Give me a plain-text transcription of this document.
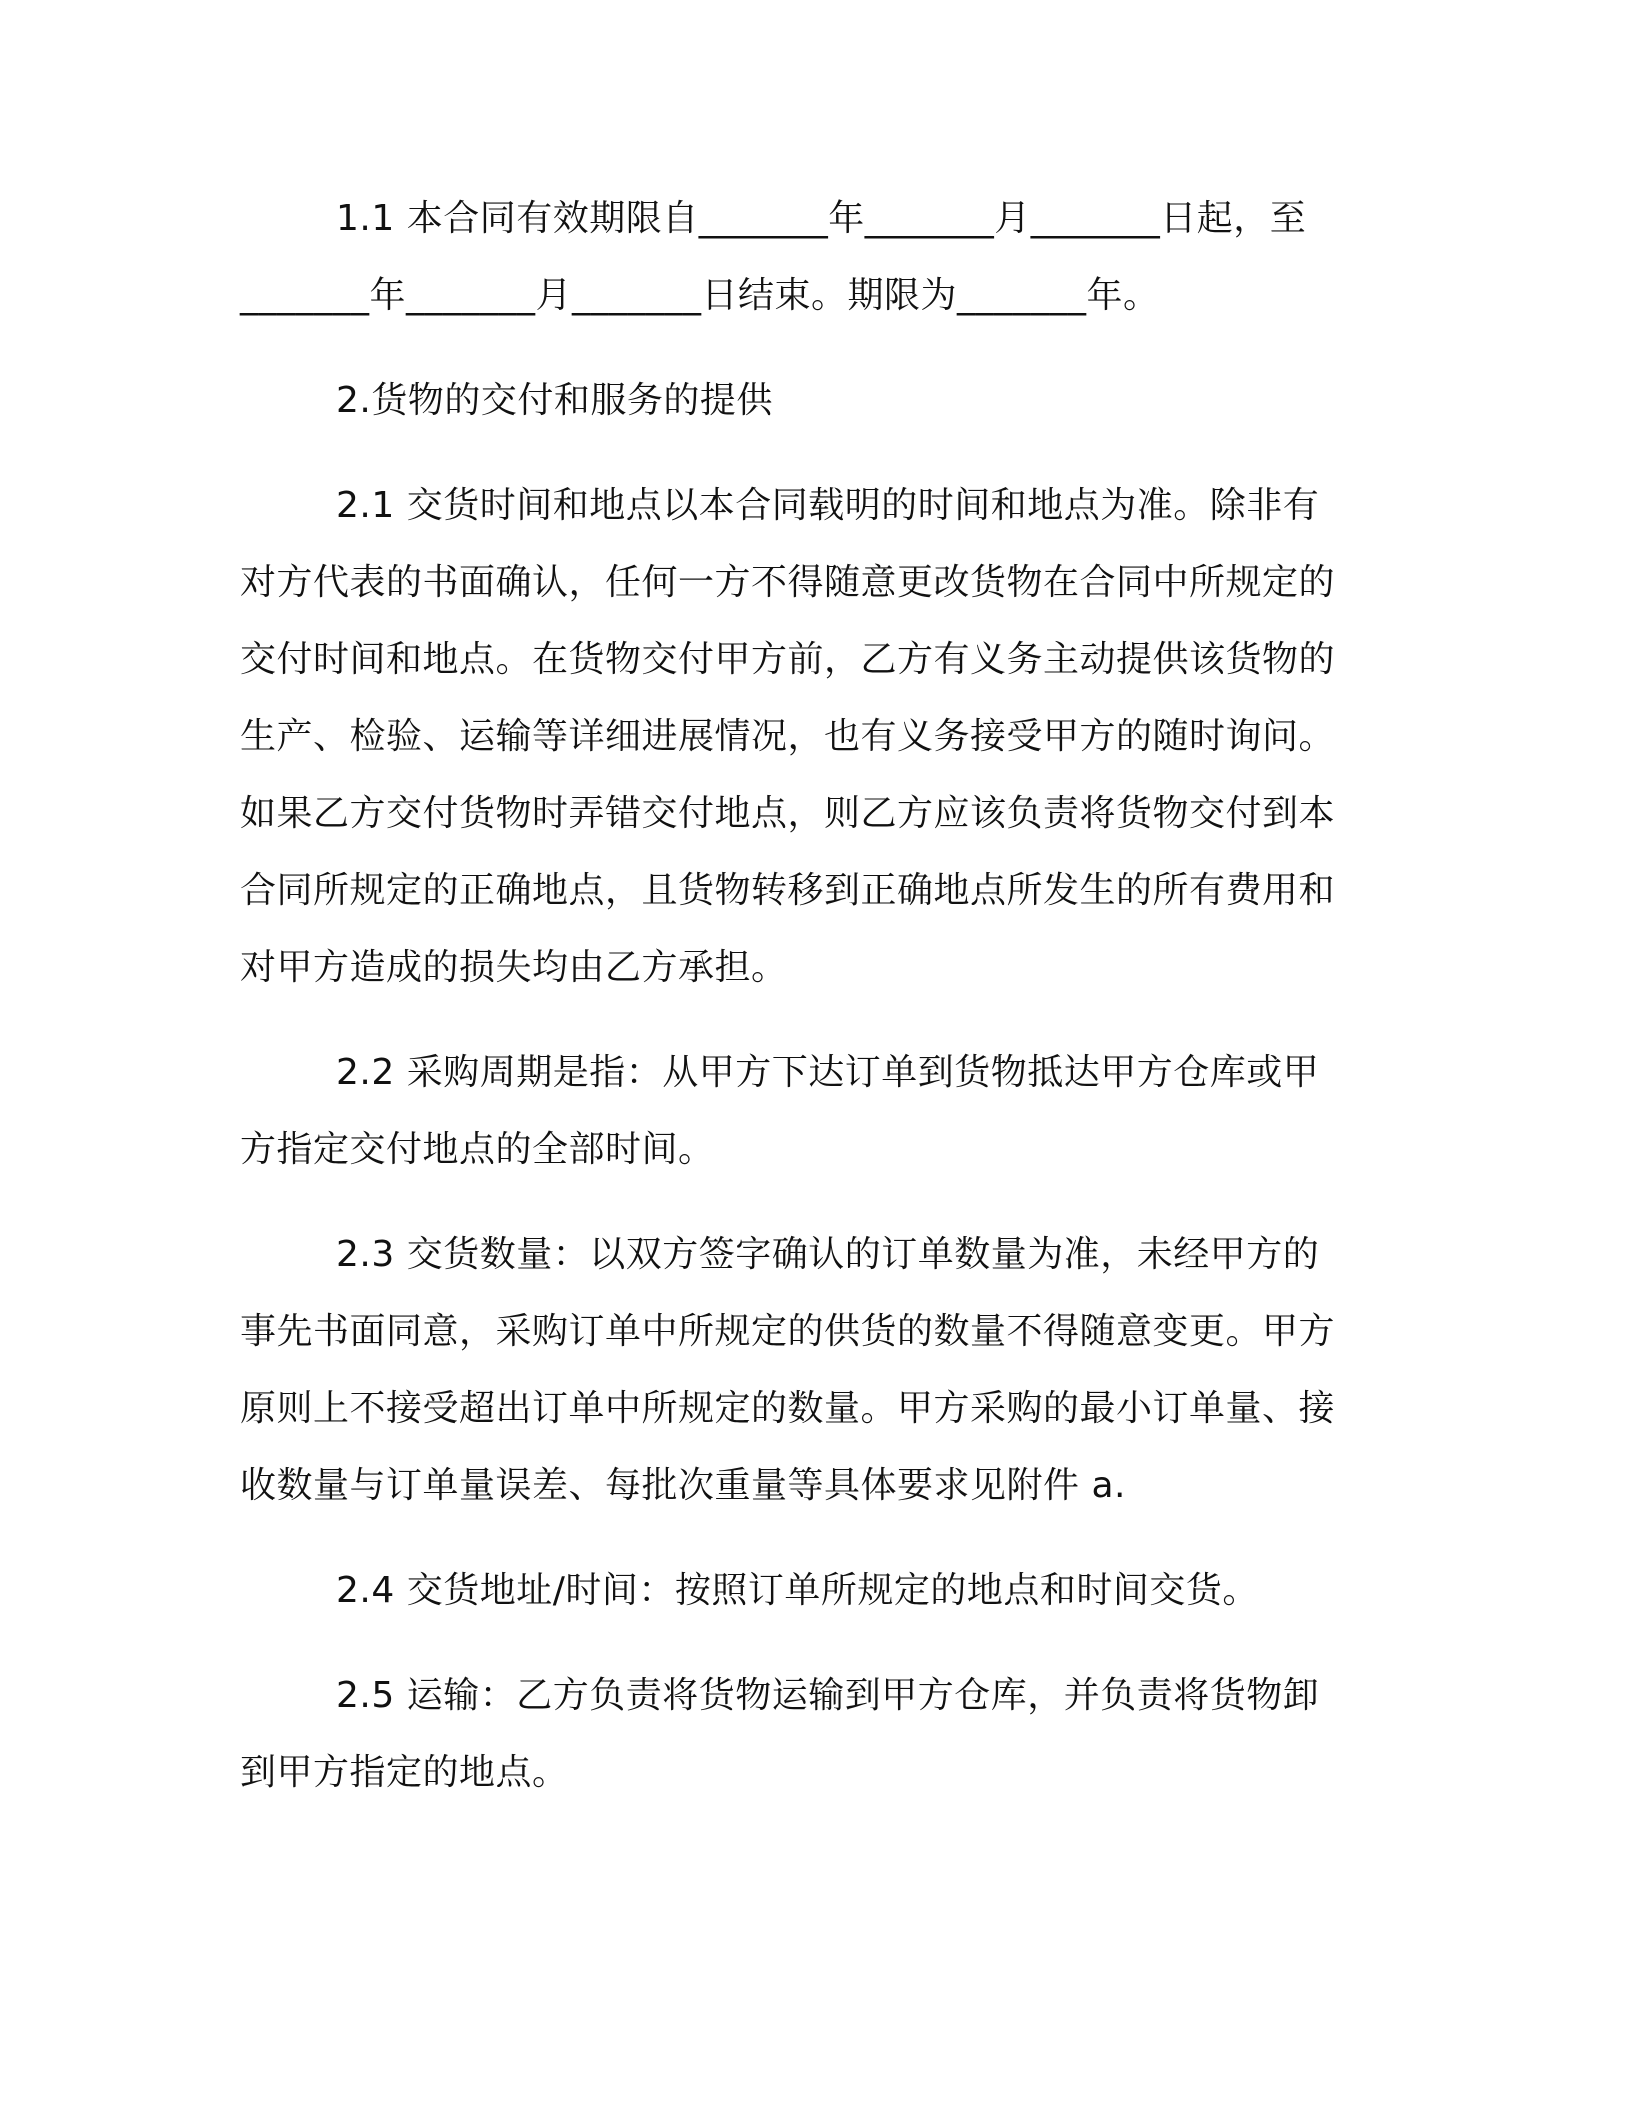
1.1 本合同有效期限自_______年_______月_______日起，至
_______年_______月_______日结束。期限为_______年。
2.货物的交付和服务的提供
2.1 交货时间和地点以本合同载明的时间和地点为准。除非有
对方代表的书面确认，任何一方不得随意更改货物在合同中所规定的
交付时间和地点。在货物交付甲方前，乙方有义务主动提供该货物的
生产、检验、运输等详细进展情况，也有义务接受甲方的随时询问。
如果乙方交付货物时弄错交付地点，则乙方应该负责将货物交付到本
合同所规定的正确地点，且货物转移到正确地点所发生的所有费用和
对甲方造成的损失均由乙方承担。
2.2 采购周期是指：从甲方下达订单到货物抵达甲方仓库或甲
方指定交付地点的全部时间。
2.3 交货数量：以双方签字确认的订单数量为准，未经甲方的
事先书面同意，采购订单中所规定的供货的数量不得随意变更。甲方
原则上不接受超出订单中所规定的数量。甲方采购的最小订单量、接
收数量与订单量误差、每批次重量等具体要求见附件 a.
2.4 交货地址/时间：按照订单所规定的地点和时间交货。
2.5 运输：乙方负责将货物运输到甲方仓库，并负责将货物卸
到甲方指定的地点。
